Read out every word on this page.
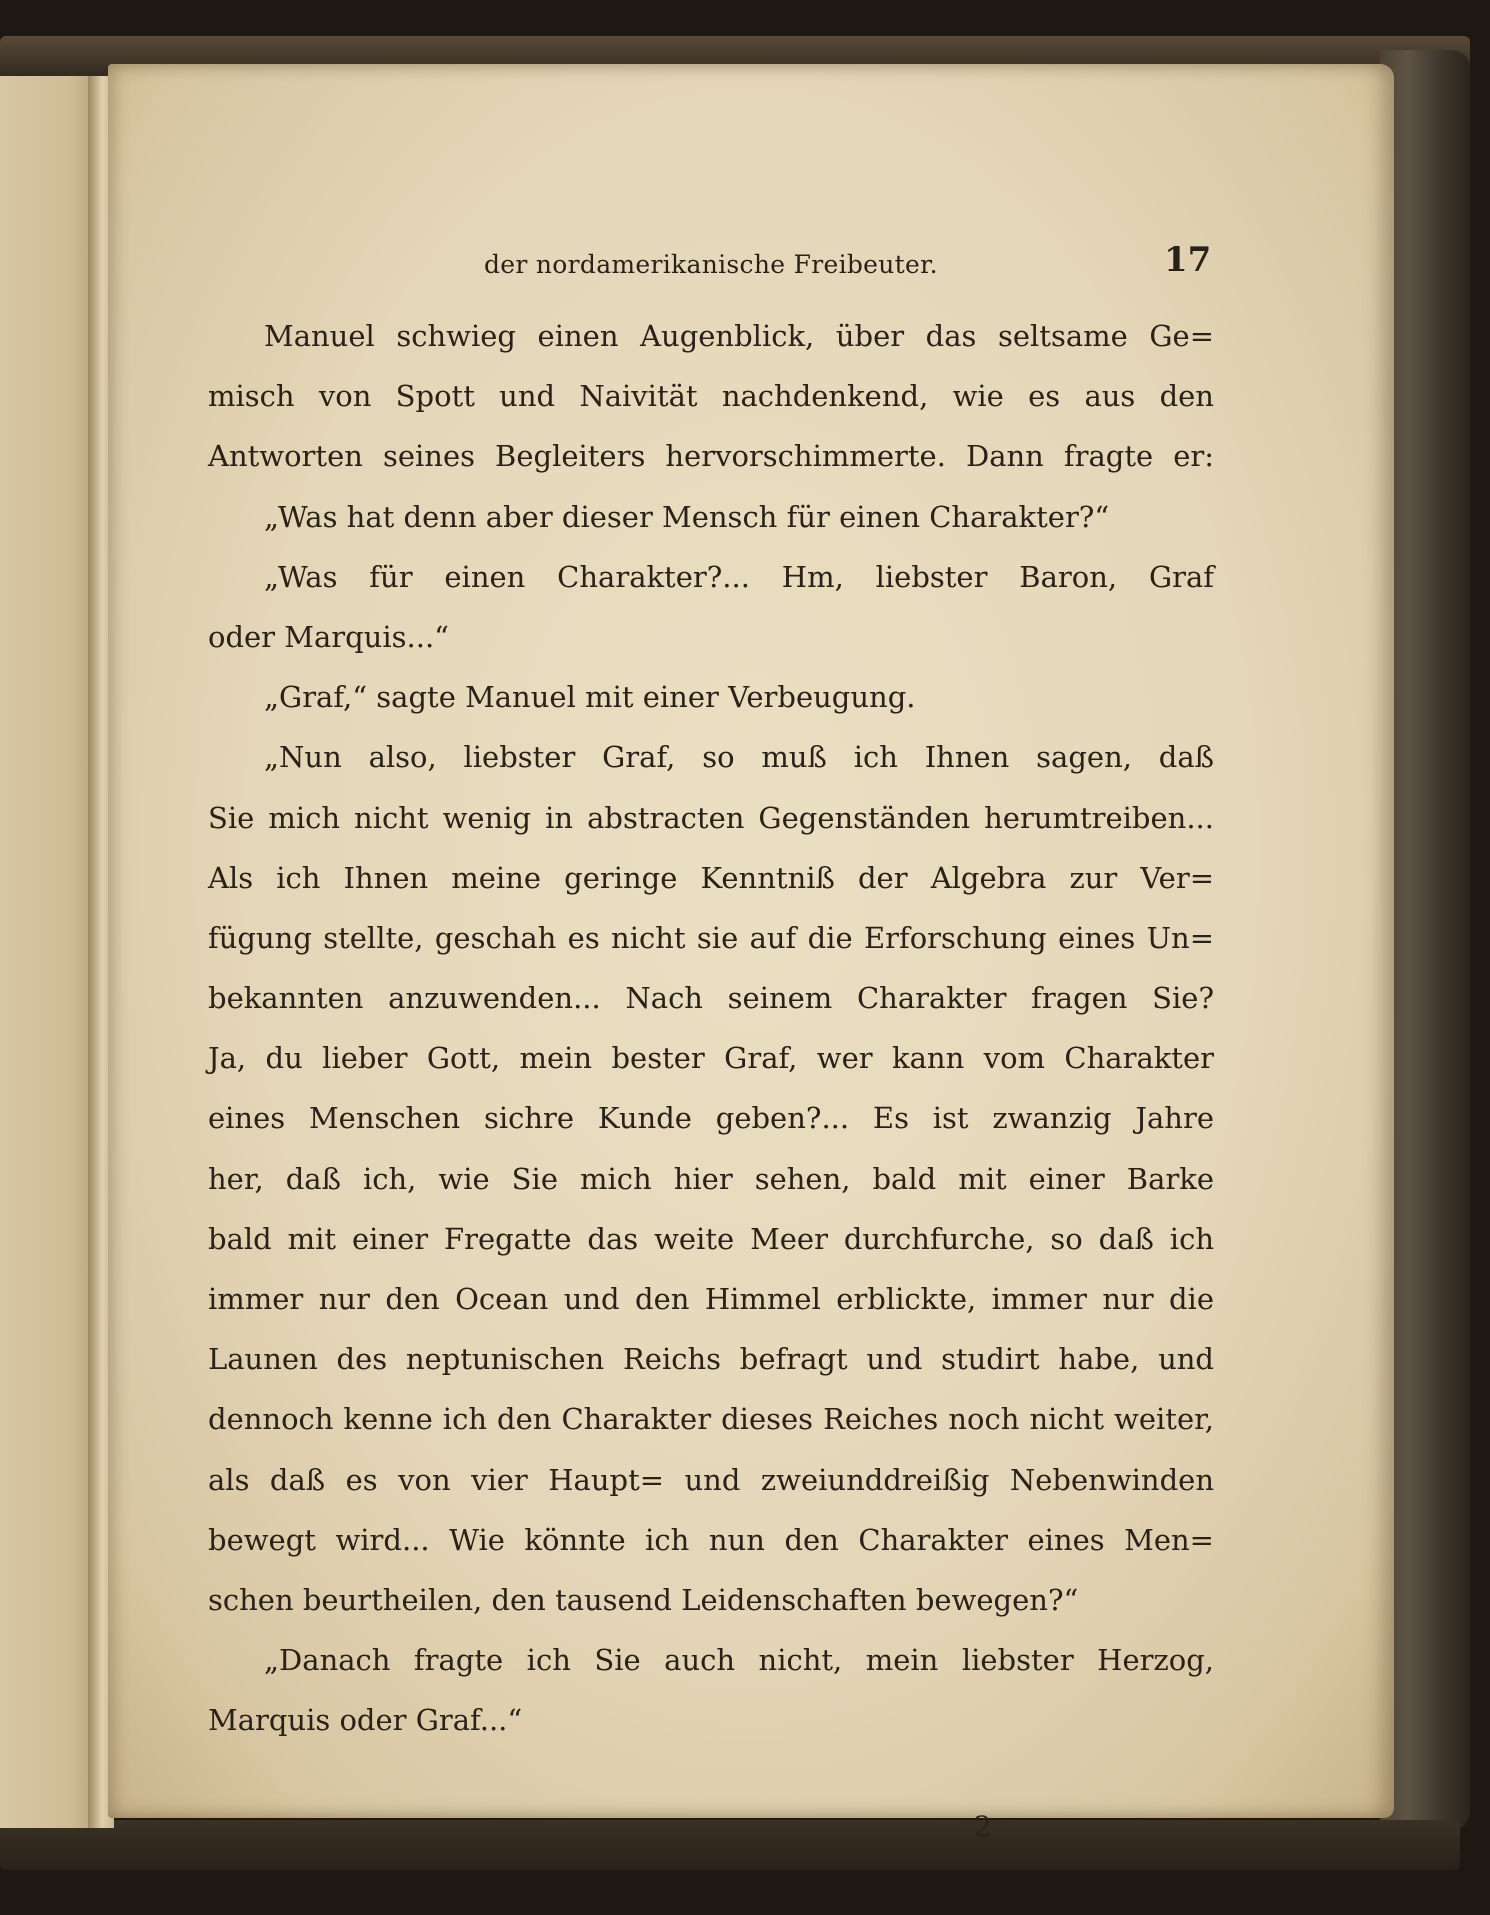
der nordamerikanische Freibeuter.	17
Manuel schwieg einen Augenblick, über das seltsame Ge=
misch von Spott und Naivität nachdenkend, wie es aus den
Antworten seines Begleiters hervorschimmerte. Dann fragte er:
„Was hat denn aber dieser Mensch für einen Charakter?“
„Was für einen Charakter?... Hm, liebster Baron, Graf
oder Marquis...“
„Graf,“ sagte Manuel mit einer Verbeugung.
„Nun also, liebster Graf, so muß ich Ihnen sagen, daß
Sie mich nicht wenig in abstracten Gegenständen herumtreiben...
Als ich Ihnen meine geringe Kenntniß der Algebra zur Ver=
fügung stellte, geschah es nicht sie auf die Erforschung eines Un=
bekannten anzuwenden... Nach seinem Charakter fragen Sie?
Ja, du lieber Gott, mein bester Graf, wer kann vom Charakter
eines Menschen sichre Kunde geben?... Es ist zwanzig Jahre
her, daß ich, wie Sie mich hier sehen, bald mit einer Barke
bald mit einer Fregatte das weite Meer durchfurche, so daß ich
immer nur den Ocean und den Himmel erblickte, immer nur die
Launen des neptunischen Reichs befragt und studirt habe, und
dennoch kenne ich den Charakter dieses Reiches noch nicht weiter,
als daß es von vier Haupt= und zweiunddreißig Nebenwinden
bewegt wird... Wie könnte ich nun den Charakter eines Men=
schen beurtheilen, den tausend Leidenschaften bewegen?“
„Danach fragte ich Sie auch nicht, mein liebster Herzog,
Marquis oder Graf...“
2
